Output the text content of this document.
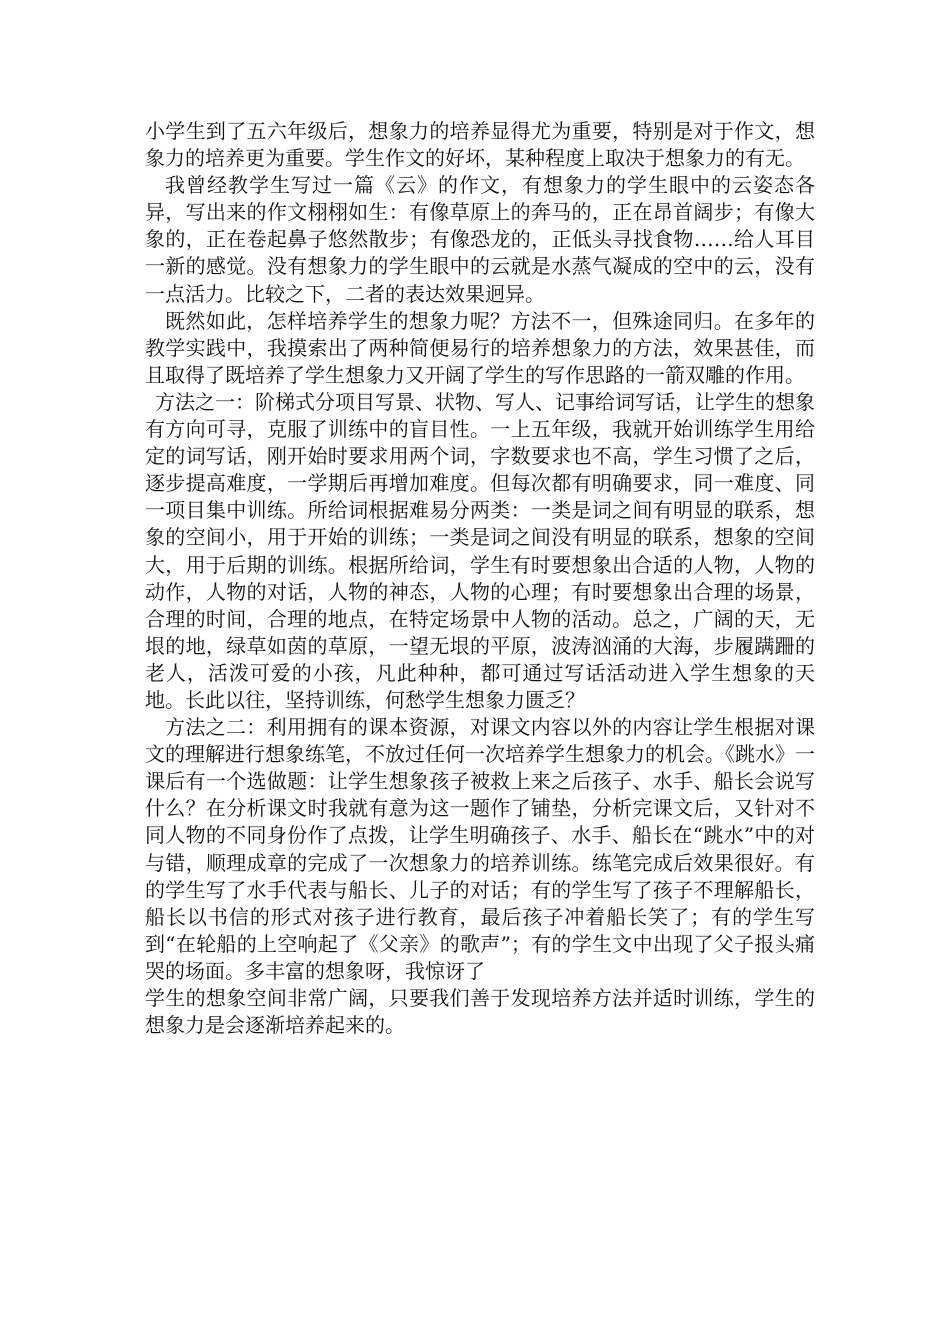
小学生到了五六年级后，想象力的培养显得尤为重要，特别是对于作文，想象力的培养更为重要。学生作文的好坏，某种程度上取决于想象力的有无。

我曾经教学生写过一篇《云》的作文，有想象力的学生眼中的云姿态各异，写出来的作文栩栩如生：有像草原上的奔马的，正在昂首阔步；有像大象的，正在卷起鼻子悠然散步；有像恐龙的，正低头寻找食物……给人耳目一新的感觉。没有想象力的学生眼中的云就是水蒸气凝成的空中的云，没有一点活力。比较之下，二者的表达效果迥异。

既然如此，怎样培养学生的想象力呢？方法不一，但殊途同归。在多年的教学实践中，我摸索出了两种简便易行的培养想象力的方法，效果甚佳，而且取得了既培养了学生想象力又开阔了学生的写作思路的一箭双雕的作用。

方法之一：阶梯式分项目写景、状物、写人、记事给词写话，让学生的想象有方向可寻，克服了训练中的盲目性。一上五年级，我就开始训练学生用给定的词写话，刚开始时要求用两个词，字数要求也不高，学生习惯了之后，逐步提高难度，一学期后再增加难度。但每次都有明确要求，同一难度、同一项目集中训练。所给词根据难易分两类：一类是词之间有明显的联系，想象的空间小，用于开始的训练；一类是词之间没有明显的联系，想象的空间大，用于后期的训练。根据所给词，学生有时要想象出合适的人物，人物的动作，人物的对话，人物的神态，人物的心理；有时要想象出合理的场景，合理的时间，合理的地点，在特定场景中人物的活动。总之，广阔的天，无垠的地，绿草如茵的草原，一望无垠的平原，波涛汹涌的大海，步履蹒跚的老人，活泼可爱的小孩，凡此种种，都可通过写话活动进入学生想象的天地。长此以往，坚持训练，何愁学生想象力匮乏？

方法之二：利用拥有的课本资源，对课文内容以外的内容让学生根据对课文的理解进行想象练笔，不放过任何一次培养学生想象力的机会。《跳水》一课后有一个选做题：让学生想象孩子被救上来之后孩子、水手、船长会说写什么？在分析课文时我就有意为这一题作了铺垫，分析完课文后，又针对不同人物的不同身份作了点拨，让学生明确孩子、水手、船长在“跳水”中的对与错，顺理成章的完成了一次想象力的培养训练。练笔完成后效果很好。有的学生写了水手代表与船长、儿子的对话；有的学生写了孩子不理解船长，船长以书信的形式对孩子进行教育，最后孩子冲着船长笑了；有的学生写到“在轮船的上空响起了《父亲》的歌声”；有的学生文中出现了父子报头痛哭的场面。多丰富的想象呀，我惊讶了

学生的想象空间非常广阔，只要我们善于发现培养方法并适时训练，学生的想象力是会逐渐培养起来的。
